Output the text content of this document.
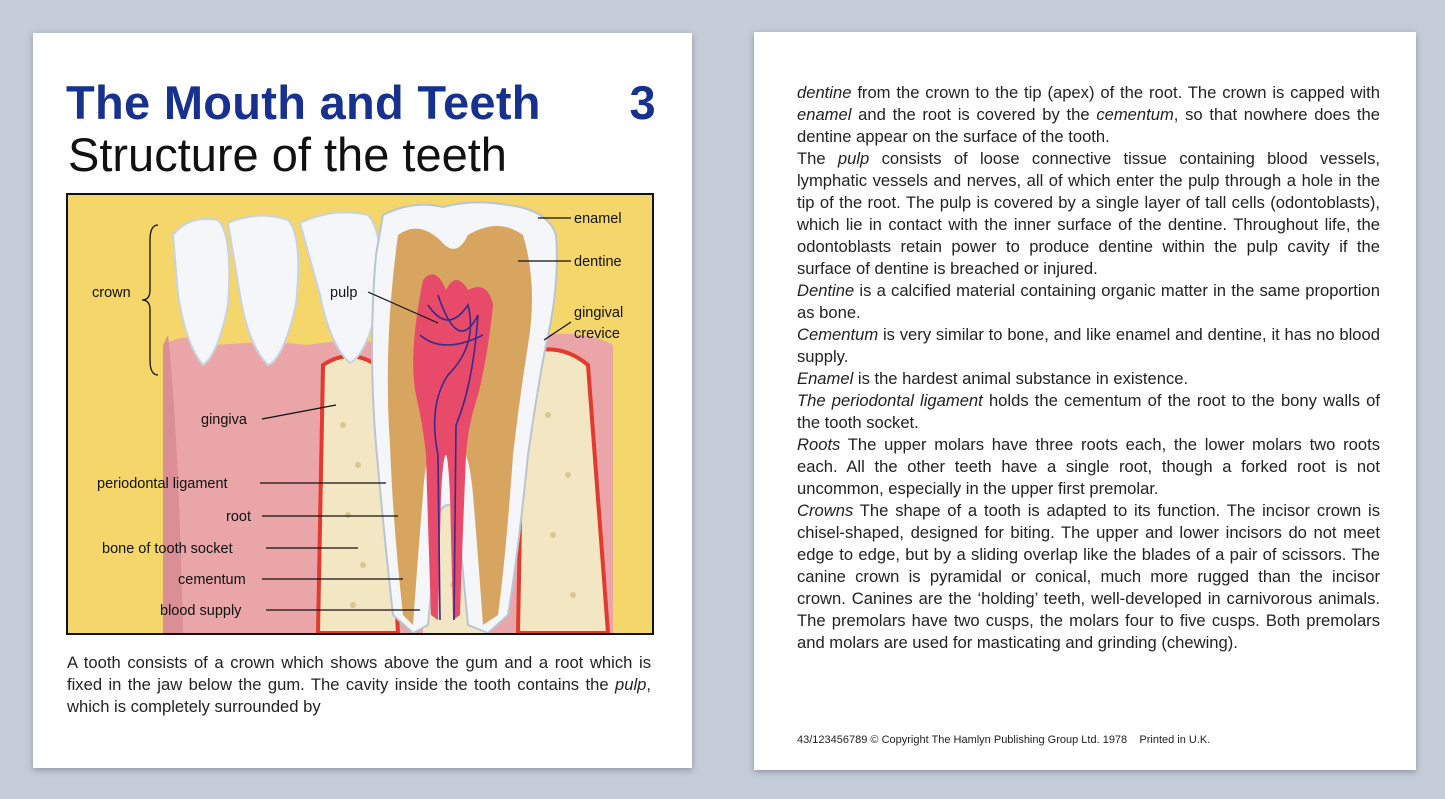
The Mouth and Teeth 3
Structure of the teeth
enamel
dentine
crown	pulp
gingival
crevice
gingiva
periodontal ligament
root
bone of tooth socket
cementum
blood supply
A tooth consists of a crown which shows above the gum and a root which is fixed in the jaw below the gum. The cavity inside the tooth contains the pulp, which is completely surrounded by

dentine from the crown to the tip (apex) of the root. The crown is capped with enamel and the root is covered by the cementum, so that nowhere does the dentine appear on the surface of the tooth.

The pulp consists of loose connective tissue containing blood vessels, lymphatic vessels and nerves, all of which enter the pulp through a hole in the tip of the root. The pulp is covered by a single layer of tall cells (odontoblasts), which lie in contact with the inner surface of the dentine. Throughout life, the odontoblasts retain power to produce dentine within the pulp cavity if the surface of dentine is breached or injured.

Dentine is a calcified material containing organic matter in the same proportion as bone.

Cementum is very similar to bone, and like enamel and dentine, it has no blood supply.

Enamel is the hardest animal substance in existence.

The periodontal ligament holds the cementum of the root to the bony walls of the tooth socket.

Roots The upper molars have three roots each, the lower molars two roots each. All the other teeth have a single root, though a forked root is not uncommon, especially in the upper first premolar.

Crowns The shape of a tooth is adapted to its function. The incisor crown is chisel-shaped, designed for biting. The upper and lower incisors do not meet edge to edge, but by a sliding overlap like the blades of a pair of scissors. The canine crown is pyramidal or conical, much more rugged than the incisor crown. Canines are the ‘holding’ teeth, well-developed in carnivorous animals. The premolars have two cusps, the molars four to five cusps. Both premolars and molars are used for masticating and grinding (chewing).

43/123456789 © Copyright The Hamlyn Publishing Group Ltd. 1978    Printed in U.K.
